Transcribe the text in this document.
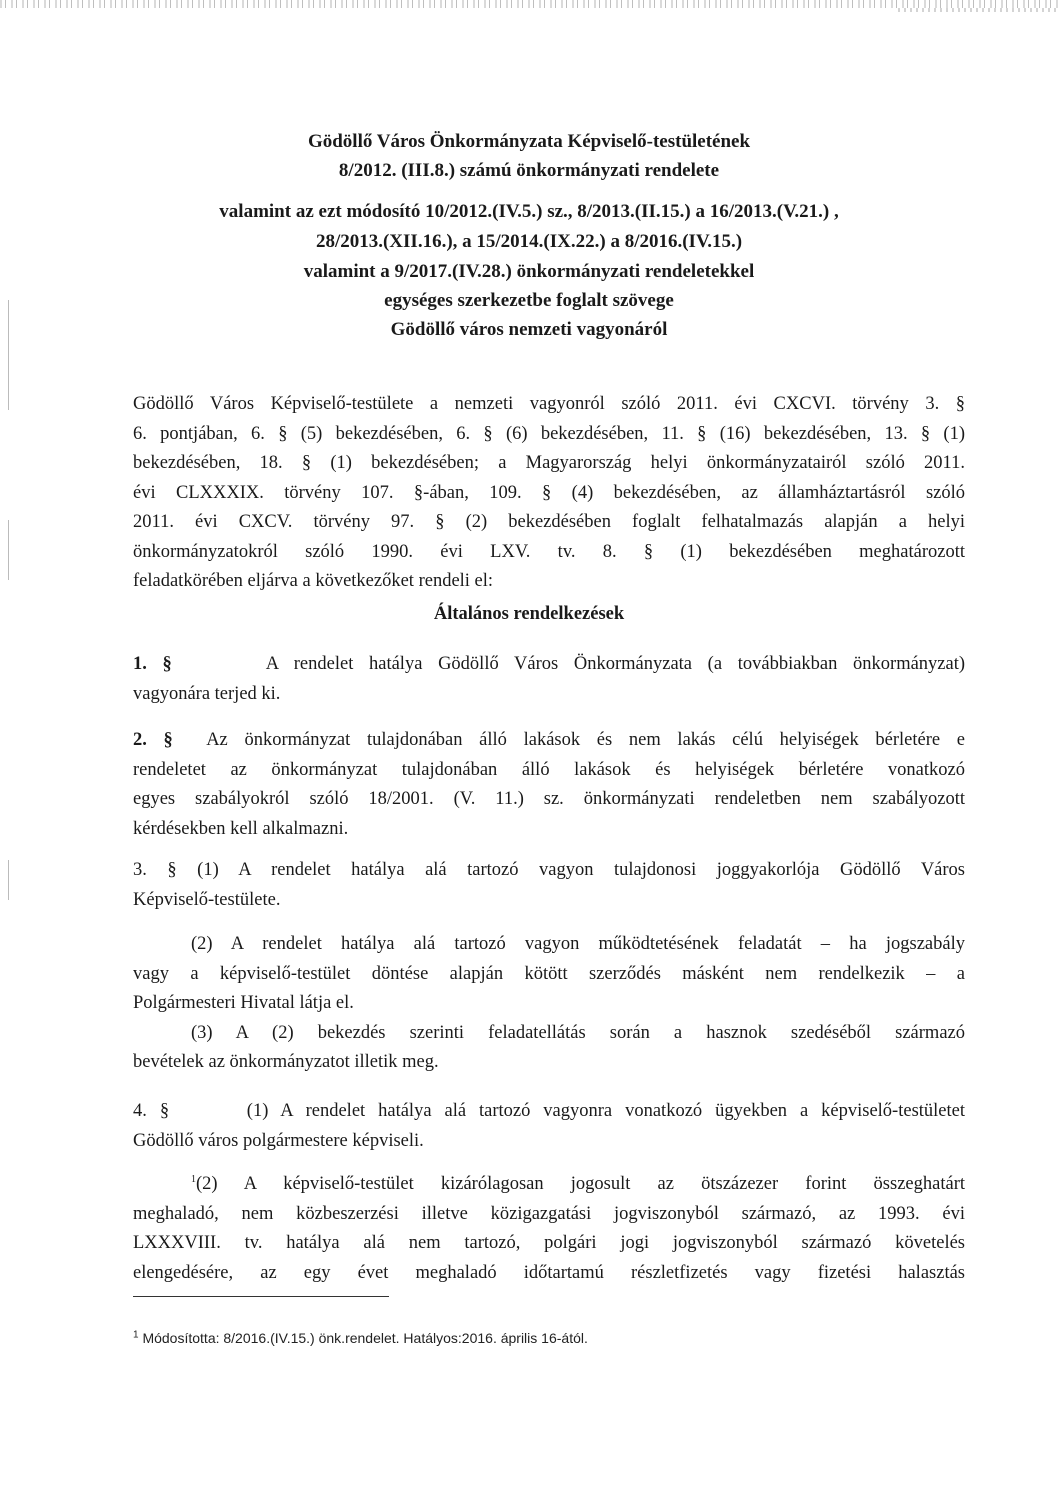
Gödöllő Város Önkormányzata Képviselő-testületének
8/2012. (III.8.) számú önkormányzati rendelete
valamint az ezt módosító 10/2012.(IV.5.) sz., 8/2013.(II.15.) a 16/2013.(V.21.) ,
28/2013.(XII.16.), a 15/2014.(IX.22.) a 8/2016.(IV.15.)
valamint a 9/2017.(IV.28.) önkormányzati rendeletekkel
egységes szerkezetbe foglalt szövege
Gödöllő város nemzeti vagyonáról
Gödöllő Város Képviselő-testülete a nemzeti vagyonról szóló 2011. évi CXCVI. törvény 3. §
6. pontjában, 6. § (5) bekezdésében, 6. § (6) bekezdésében, 11. § (16) bekezdésében, 13. § (1)
bekezdésében, 18. § (1) bekezdésében; a Magyarország helyi önkormányzatairól szóló 2011.
évi CLXXXIX. törvény 107. §-ában, 109. § (4) bekezdésében, az államháztartásról szóló
2011. évi CXCV. törvény 97. § (2) bekezdésében foglalt felhatalmazás alapján a helyi
önkormányzatokról szóló 1990. évi LXV. tv. 8. § (1) bekezdésében meghatározott
feladatkörében eljárva a következőket rendeli el:
Általános rendelkezések
1. §	A rendelet hatálya Gödöllő Város Önkormányzata (a továbbiakban önkormányzat)
vagyonára terjed ki.
2. § Az önkormányzat tulajdonában álló lakások és nem lakás célú helyiségek bérletére e
rendeletet az önkormányzat tulajdonában álló lakások és helyiségek bérletére vonatkozó
egyes szabályokról szóló 18/2001. (V. 11.) sz. önkormányzati rendeletben nem szabályozott
kérdésekben kell alkalmazni.
3. § (1) A rendelet hatálya alá tartozó vagyon tulajdonosi joggyakorlója Gödöllő Város
Képviselő-testülete.
(2) A rendelet hatálya alá tartozó vagyon működtetésének feladatát – ha jogszabály
vagy a képviselő-testület döntése alapján kötött szerződés másként nem rendelkezik – a
Polgármesteri Hivatal látja el.
(3) A (2) bekezdés szerinti feladatellátás során a hasznok szedéséből származó
bevételek az önkormányzatot illetik meg.
4. §	(1) A rendelet hatálya alá tartozó vagyonra vonatkozó ügyekben a képviselő-testületet
Gödöllő város polgármestere képviseli.
$^1$(2) A képviselő-testület kizárólagosan jogosult az ötszázezer forint összeghatárt
meghaladó, nem közbeszerzési illetve közigazgatási jogviszonyból származó, az 1993. évi
LXXXVIII. tv. hatálya alá nem tartozó, polgári jogi jogviszonyból származó követelés
elengedésére, az egy évet meghaladó időtartamú részletfizetés vagy fizetési halasztás
$^1$ Módosította: 8/2016.(IV.15.) önk.rendelet. Hatályos:2016. április 16-ától.
